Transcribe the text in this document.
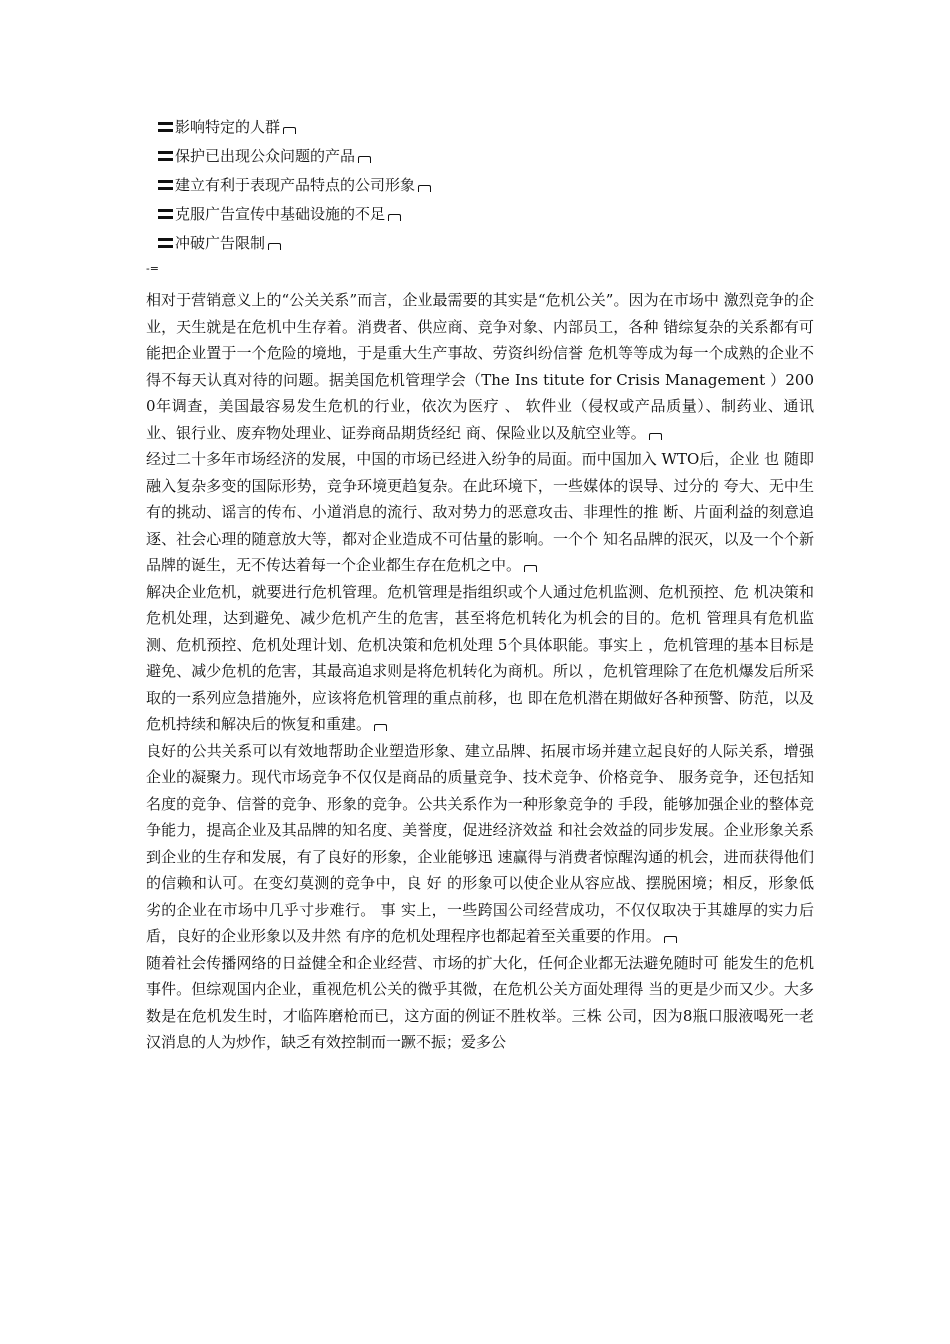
影响特定的人群
保护已出现公众问题的产品
建立有利于表现产品特点的公司形象
克服广告宣传中基础设施的不足
冲破广告限制
-=

相对于营销意义上的“公关关系”而言，企业最需要的其实是“危机公关”。因为在市场中 激烈竞争的企业，天生就是在危机中生存着。消费者、供应商、竞争对象、内部员工，各种 错综复杂的关系都有可能把企业置于一个危险的境地，于是重大生产事故、劳资纠纷信誉 危机等等成为每一个成熟的企业不得不每天认真对待的问题。据美国危机管理学会（The Ins titute for Crisis Management ）2000年调查，美国最容易发生危机的行业，依次为医疗 、 软件业（侵权或产品质量）、制药业、通讯业、银行业、废弃物处理业、证券商品期货经纪 商、保险业以及航空业等。

经过二十多年市场经济的发展，中国的市场已经进入纷争的局面。而中国加入 WTO后，企业 也 随即融入复杂多变的国际形势，竞争环境更趋复杂。在此环境下，一些媒体的误导、过分的 夸大、无中生有的挑动、谣言的传布、小道消息的流行、敌对势力的恶意攻击、非理性的推 断、片面利益的刻意追逐、社会心理的随意放大等，都对企业造成不可估量的影响。一个个 知名品牌的泯灭，以及一个个新品牌的诞生，无不传达着每一个企业都生存在危机之中。

解决企业危机，就要进行危机管理。危机管理是指组织或个人通过危机监测、危机预控、危 机决策和危机处理，达到避免、减少危机产生的危害，甚至将危机转化为机会的目的。危机 管理具有危机监测、危机预控、危机处理计划、危机决策和危机处理 5个具体职能。事实上 ，危机管理的基本目标是避免、减少危机的危害，其最高追求则是将危机转化为商机。所以 ，危机管理除了在危机爆发后所采取的一系列应急措施外，应该将危机管理的重点前移，也 即在危机潜在期做好各种预警、防范，以及危机持续和解决后的恢复和重建。

良好的公共关系可以有效地帮助企业塑造形象、建立品牌、拓展市场并建立起良好的人际关系，增强企业的凝聚力。现代市场竞争不仅仅是商品的质量竞争、技术竞争、价格竞争、 服务竞争，还包括知名度的竞争、信誉的竞争、形象的竞争。公共关系作为一种形象竞争的 手段，能够加强企业的整体竞争能力，提高企业及其品牌的知名度、美誉度，促进经济效益 和社会效益的同步发展。企业形象关系到企业的生存和发展，有了良好的形象，企业能够迅 速赢得与消费者惊醒沟通的机会，进而获得他们的信赖和认可。在变幻莫测的竞争中，良 好 的形象可以使企业从容应战、摆脱困境；相反，形象低劣的企业在市场中几乎寸步难行。 事 实上，一些跨国公司经营成功，不仅仅取决于其雄厚的实力后盾，良好的企业形象以及井然 有序的危机处理程序也都起着至关重要的作用。

随着社会传播网络的日益健全和企业经营、市场的扩大化，任何企业都无法避免随时可 能发生的危机事件。但综观国内企业，重视危机公关的微乎其微，在危机公关方面处理得 当的更是少而又少。大多数是在危机发生时，才临阵磨枪而已，这方面的例证不胜枚举。三株 公司，因为8瓶口服液喝死一老汉消息的人为炒作，缺乏有效控制而一蹶不振；爱多公
